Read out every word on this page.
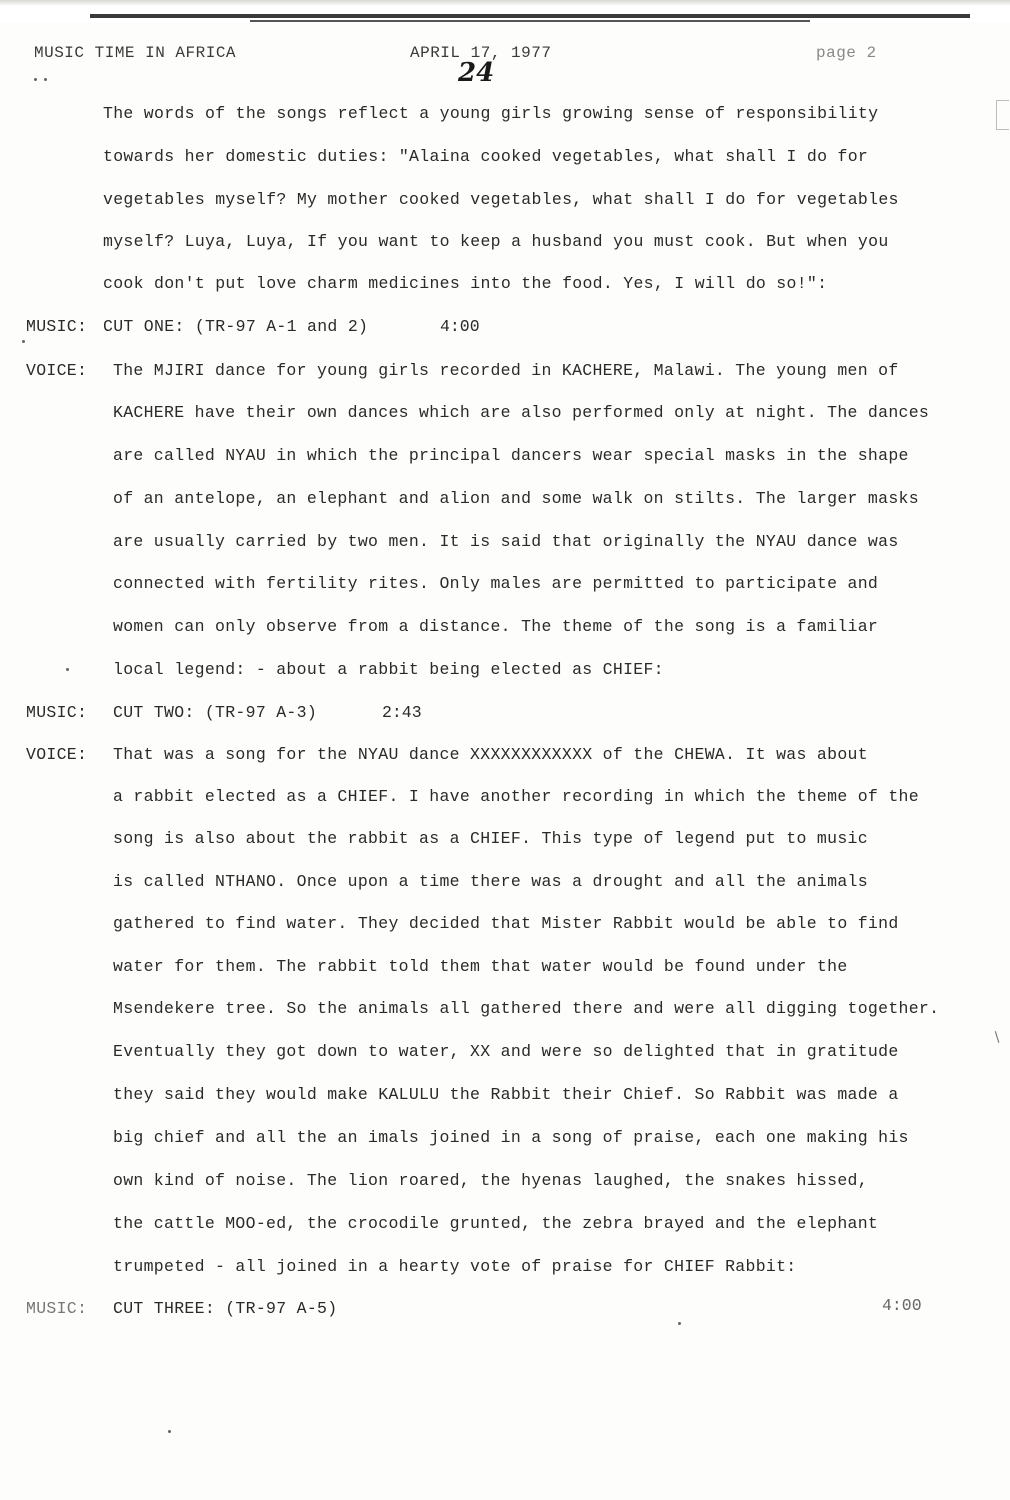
MUSIC TIME IN AFRICA	APRIL 17, 1977	page 2
24
The words of the songs reflect a young girls growing sense of responsibility
towards her domestic duties: "Alaina cooked vegetables, what shall I do for
vegetables myself? My mother cooked vegetables, what shall I do for vegetables
myself? Luya, Luya, If you want to keep a husband you must cook. But when you
cook don't put love charm medicines into the food. Yes, I will do so!":
MUSIC: CUT ONE: (TR-97 A-1 and 2)	4:00
VOICE: The MJIRI dance for young girls recorded in KACHERE, Malawi. The young men of
KACHERE have their own dances which are also performed only at night. The dances
are called NYAU in which the principal dancers wear special masks in the shape
of an antelope, an elephant and alion and some walk on stilts. The larger masks
are usually carried by two men. It is said that originally the NYAU dance was
connected with fertility rites. Only males are permitted to participate and
women can only observe from a distance. The theme of the song is a familiar
local legend: - about a rabbit being elected as CHIEF:
MUSIC: CUT TWO: (TR-97 A-3)	2:43
VOICE: That was a song for the NYAU dance XXXXXXXXXXXX of the CHEWA. It was about
a rabbit elected as a CHIEF. I have another recording in which the theme of the
song is also about the rabbit as a CHIEF. This type of legend put to music
is called NTHANO. Once upon a time there was a drought and all the animals
gathered to find water. They decided that Mister Rabbit would be able to find
water for them. The rabbit told them that water would be found under the
Msendekere tree. So the animals all gathered there and were all digging together.
Eventually they got down to water, XX and were so delighted that in gratitude
they said they would make KALULU the Rabbit their Chief. So Rabbit was made a
big chief and all the an imals joined in a song of praise, each one making his
own kind of noise. The lion roared, the hyenas laughed, the snakes hissed,
the cattle MOO-ed, the crocodile grunted, the zebra brayed and the elephant
trumpeted - all joined in a hearty vote of praise for CHIEF Rabbit:
MUSIC: CUT THREE: (TR-97 A-5)	4:00
∖
